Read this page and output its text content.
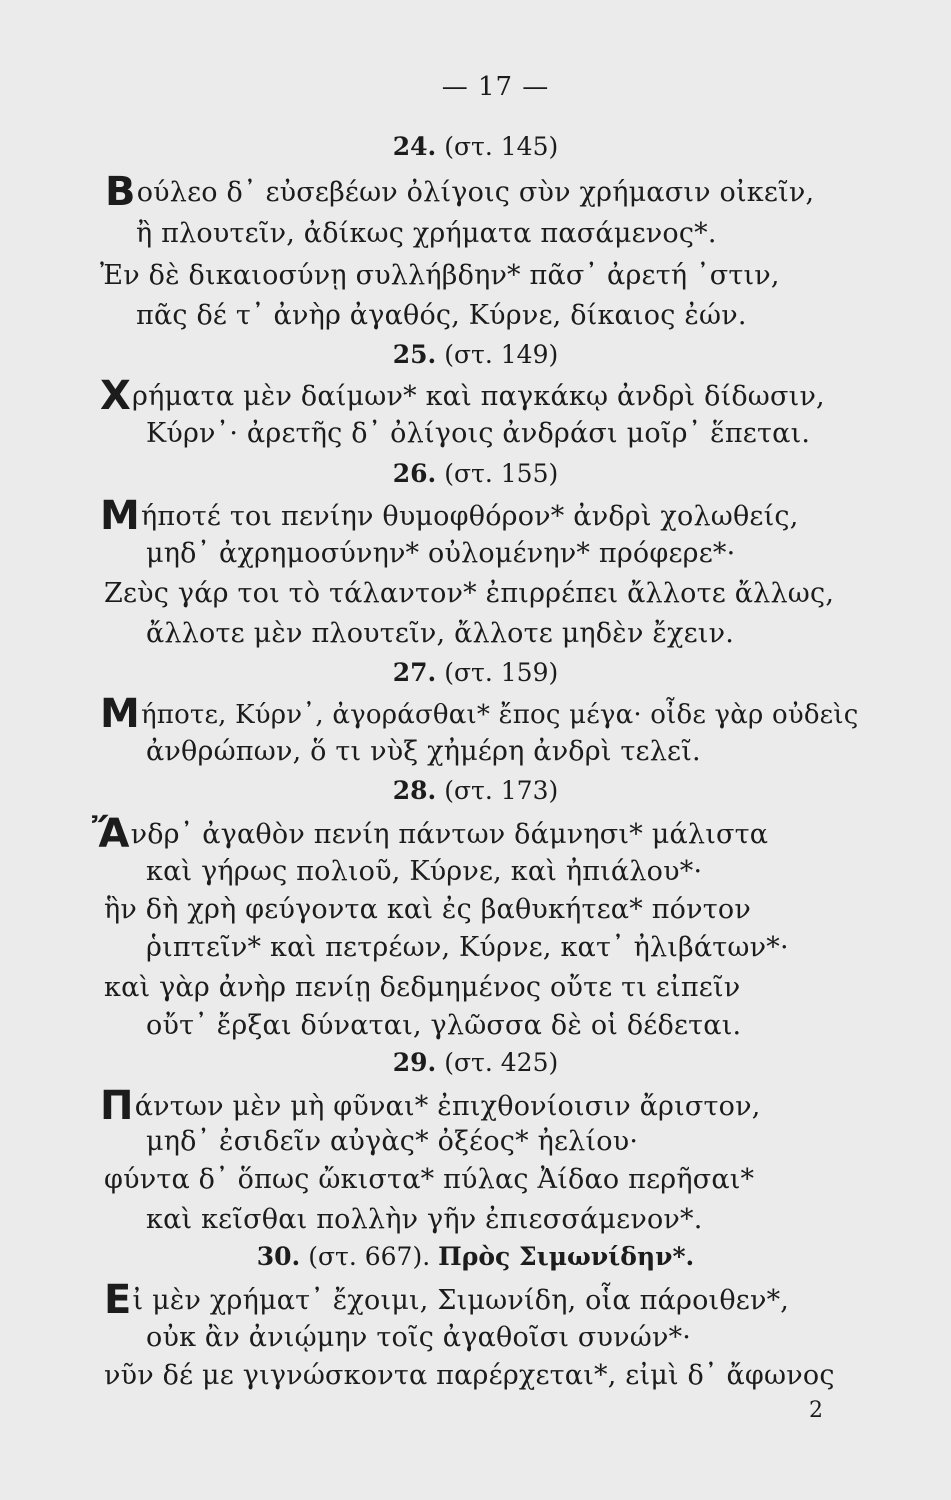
— 17 —
24. (στ. 145)
Βούλεο δ᾽ εὐσεβέων ὀλίγοις σὺν χρήμασιν οἰκεῖν,
ἢ πλουτεῖν, ἀδίκως χρήματα πασάμενος*.
Ἐν δὲ δικαιοσύνῃ συλλήβδην* πᾶσ᾽ ἀρετή ᾽στιν,
πᾶς δέ τ᾽ ἀνὴρ ἀγαθός, Κύρνε, δίκαιος ἐών.
25. (στ. 149)
Χρήματα μὲν δαίμων* καὶ παγκάκῳ ἀνδρὶ δίδωσιν,
Κύρν᾽· ἀρετῆς δ᾽ ὀλίγοις ἀνδράσι μοῖρ᾽ ἕπεται.
26. (στ. 155)
Μήποτέ τοι πενίην θυμοφθόρον* ἀνδρὶ χολωθείς,
μηδ᾽ ἀχρημοσύνην* οὐλομένην* πρόφερε*·
Ζεὺς γάρ τοι τὸ τάλαντον* ἐπιρρέπει ἄλλοτε ἄλλως,
ἄλλοτε μὲν πλουτεῖν, ἄλλοτε μηδὲν ἔχειν.
27. (στ. 159)
Μήποτε, Κύρν᾽, ἀγοράσθαι* ἔπος μέγα· οἶδε γὰρ οὐδεὶς
ἀνθρώπων, ὅ τι νὺξ χἠμέρη ἀνδρὶ τελεῖ.
28. (στ. 173)
Ἄνδρ᾽ ἀγαθὸν πενίη πάντων δάμνησι* μάλιστα
καὶ γήρως πολιοῦ, Κύρνε, καὶ ἠπιάλου*·
ἣν δὴ χρὴ φεύγοντα καὶ ἐς βαθυκήτεα* πόντον
ῥιπτεῖν* καὶ πετρέων, Κύρνε, κατ᾽ ἠλιβάτων*·
καὶ γὰρ ἀνὴρ πενίῃ δεδμημένος οὔτε τι εἰπεῖν
οὔτ᾽ ἔρξαι δύναται, γλῶσσα δὲ οἱ δέδεται.
29. (στ. 425)
Πάντων μὲν μὴ φῦναι* ἐπιχθονίοισιν ἄριστον,
μηδ᾽ ἐσιδεῖν αὐγὰς* ὀξέος* ἠελίου·
φύντα δ᾽ ὅπως ὤκιστα* πύλας Ἀίδαο περῆσαι*
καὶ κεῖσθαι πολλὴν γῆν ἐπιεσσάμενον*.
30. (στ. 667). Πρὸς Σιμωνίδην*.
Εἰ μὲν χρήματ᾽ ἔχοιμι, Σιμωνίδη, οἷα πάροιθεν*,
οὐκ ἂν ἀνιῴμην τοῖς ἀγαθοῖσι συνών*·
νῦν δέ με γιγνώσκοντα παρέρχεται*, εἰμὶ δ᾽ ἄφωνος
2
